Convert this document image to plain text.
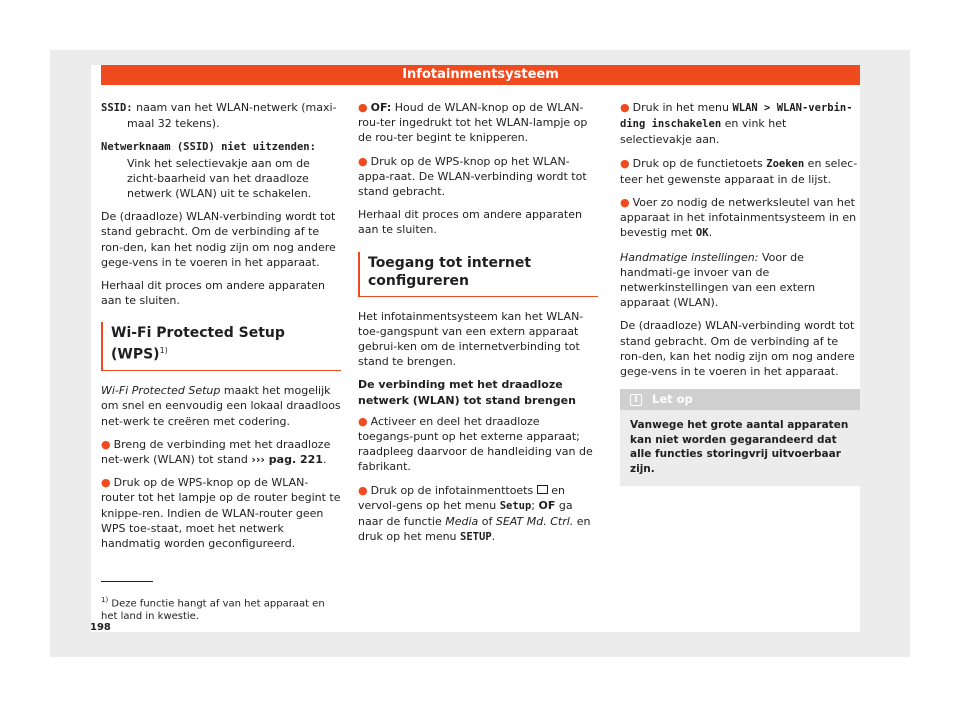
Infotainmentsysteem

SSID: naam van het WLAN-netwerk (maxi-maal 32 tekens).

Netwerknaam (SSID) niet uitzenden:

Vink het selectievakje aan om de zicht-baarheid van het draadloze netwerk (WLAN) uit te schakelen.

De (draadloze) WLAN-verbinding wordt tot stand gebracht. Om de verbinding af te ron-den, kan het nodig zijn om nog andere gege-vens in te voeren in het apparaat.

Herhaal dit proces om andere apparaten aan te sluiten.

Wi-Fi Protected Setup (WPS)$^{1)}$

Wi-Fi Protected Setup maakt het mogelijk om snel en eenvoudig een lokaal draadloos net-werk te creëren met codering.

● Breng de verbinding met het draadloze net-werk (WLAN) tot stand ››› pag. 221.

● Druk op de WPS-knop op de WLAN-router tot het lampje op de router begint te knippe-ren. Indien de WLAN-router geen WPS toe-staat, moet het netwerk handmatig worden geconfigureerd.

● OF: Houd de WLAN-knop op de WLAN-rou-ter ingedrukt tot het WLAN-lampje op de rou-ter begint te knipperen.

● Druk op de WPS-knop op het WLAN-appa-raat. De WLAN-verbinding wordt tot stand gebracht.

Herhaal dit proces om andere apparaten aan te sluiten.

Toegang tot internet configureren

Het infotainmentsysteem kan het WLAN-toe-gangspunt van een extern apparaat gebrui-ken om de internetverbinding tot stand te brengen.

De verbinding met het draadloze netwerk (WLAN) tot stand brengen

● Activeer en deel het draadloze toegangs-punt op het externe apparaat; raadpleeg daarvoor de handleiding van de fabrikant.

● Druk op de infotainmenttoets  en vervol-gens op het menu Setup; OF ga naar de functie Media of SEAT Md. Ctrl. en druk op het menu SETUP.

● Druk in het menu WLAN > WLAN-verbin-ding inschakelen en vink het selectievakje aan.

● Druk op de functietoets Zoeken en selec-teer het gewenste apparaat in de lijst.

● Voer zo nodig de netwerksleutel van het apparaat in het infotainmentsysteem in en bevestig met OK.

Handmatige instellingen: Voor de handmati-ge invoer van de netwerkinstellingen van een extern apparaat (WLAN).

De (draadloze) WLAN-verbinding wordt tot stand gebracht. Om de verbinding af te ron-den, kan het nodig zijn om nog andere gege-vens in te voeren in het apparaat.

i	Let op
Vanwege het grote aantal apparaten kan niet worden gegarandeerd dat alle functies storingvrij uitvoerbaar zijn.
$^{1)}$ Deze functie hangt af van het apparaat en het land in kwestie.
198
